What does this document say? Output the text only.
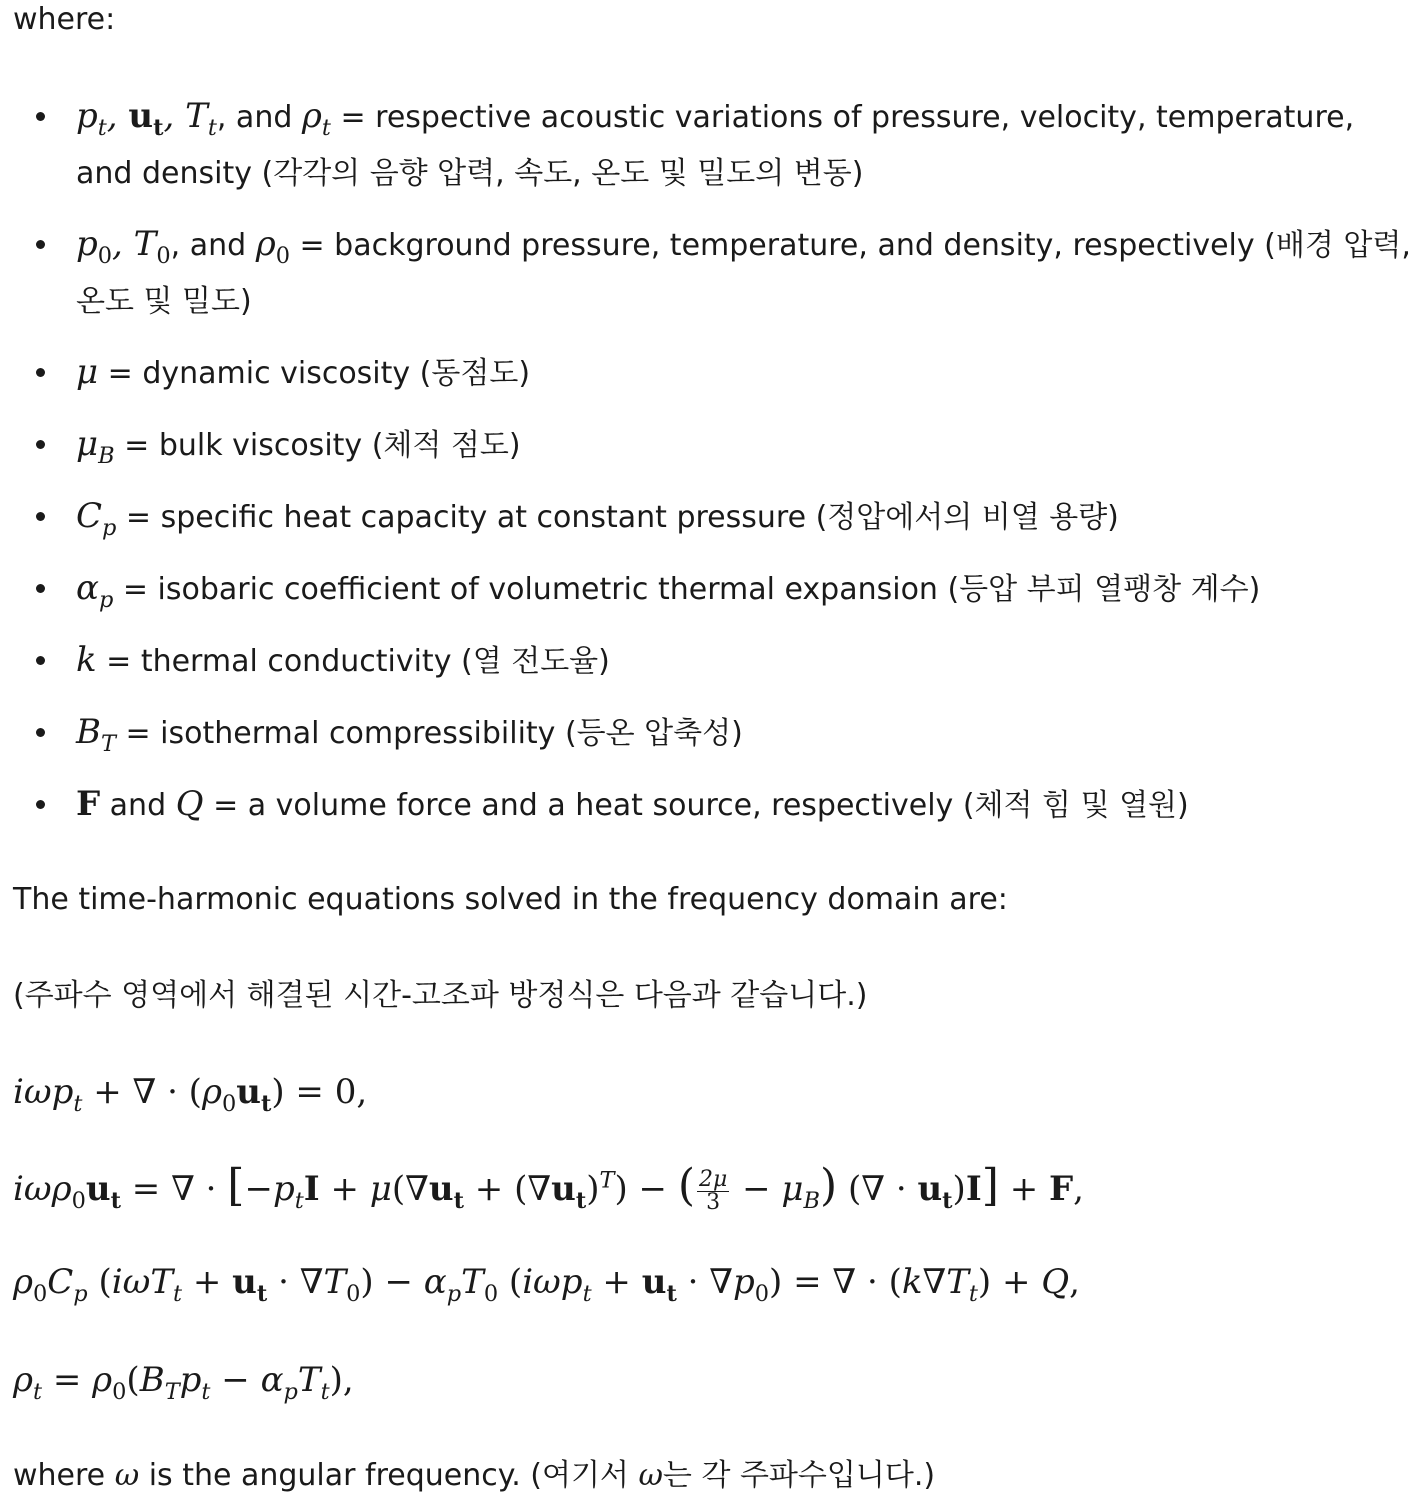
where:
$p_t$, $u_t$, $T_t$, and $\rho_t$ = respective acoustic variations of pressure, velocity, temperature, and density (각각의 음향 압력, 속도, 온도 및 밀도의 변동)
$p_0$, $T_0$, and $\rho_0$ = background pressure, temperature, and density, respectively (배경 압력, 온도 및 밀도)
μ = dynamic viscosity (동점도)
$\mu_B$ = bulk viscosity (체적 점도)
$C_p$ = specific heat capacity at constant pressure (정압에서의 비열 용량)
$\alpha_p$ = isobaric coefficient of volumetric thermal expansion (등압 부피 열팽창 계수)
k = thermal conductivity (열 전도율)
$B_T$ = isothermal compressibility (등온 압축성)
F and Q = a volume force and a heat source, respectively (체적 힘 및 열원)
The time-harmonic equations solved in the frequency domain are:
(주파수 영역에서 해결된 시간-고조파 방정식은 다음과 같습니다.)
iωp$_t$ + ∇ · $(\rho_0u_t) = 0$,
$i\omega\rho_0u_t$ = ∇ · [$-p_tI + \mu(\nabla u_t + (\nabla u_t)^T)$ − ( $\frac{2\mu}{3} - \mu_B$) (∇ · $u_t)I] + F$,
$\rho_0C_p$ $(i\omega T_t + u_t \cdot \nabla T_0) - \alpha_pT_0$ $(i\omega p_t + u_t \cdot \nabla p_0)$ = ∇ · $(k\nabla T_t) + Q$,
$\rho_t = \rho_0(B_Tp_t - \alpha_pT_t)$,
where ω is the angular frequency. (여기서 ω는 각 주파수입니다.)
